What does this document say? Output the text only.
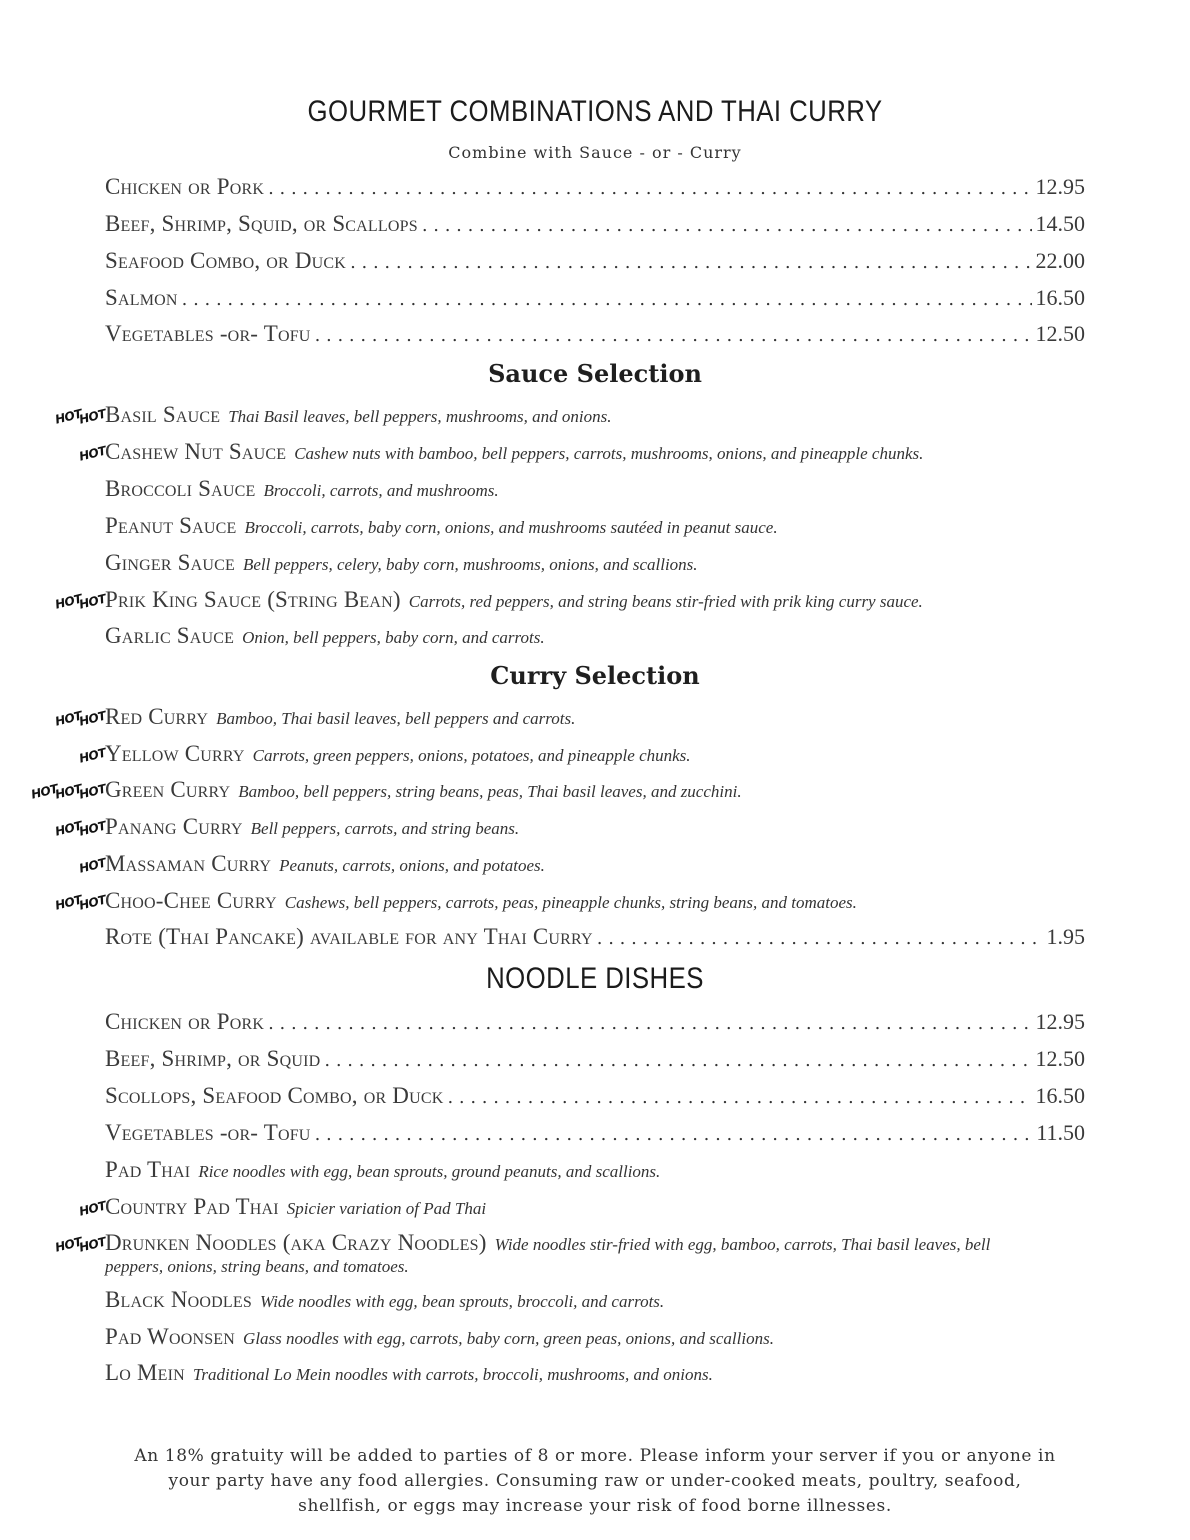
GOURMET COMBINATIONS AND THAI CURRY
Combine with Sauce - or - Curry
Chicken or Pork . . .	12.95
Beef, Shrimp, Squid, or Scallops . . .	14.50
Seafood Combo, or Duck . . .	22.00
Salmon . . .	16.50
Vegetables -or- Tofu . . .	12.50
Sauce Selection
HOT
HOT
Basil Sauce Thai Basil leaves, bell peppers, mushrooms, and onions.
HOT
Cashew Nut Sauce Cashew nuts with bamboo, bell peppers, carrots, mushrooms, onions, and pineapple chunks.
Broccoli Sauce Broccoli, carrots, and mushrooms.
Peanut Sauce Broccoli, carrots, baby corn, onions, and mushrooms sautéed in peanut sauce.
Ginger Sauce Bell peppers, celery, baby corn, mushrooms, onions, and scallions.
HOT
HOT
Prik King Sauce (String Bean) Carrots, red peppers, and string beans stir-fried with prik king curry sauce.
Garlic Sauce Onion, bell peppers, baby corn, and carrots.
Curry Selection
HOT
HOT
Red Curry Bamboo, Thai basil leaves, bell peppers and carrots.
HOT
Yellow Curry Carrots, green peppers, onions, potatoes, and pineapple chunks.
HOT
HOT
HOT
Green Curry Bamboo, bell peppers, string beans, peas, Thai basil leaves, and zucchini.
HOT
HOT
Panang Curry Bell peppers, carrots, and string beans.
HOT
Massaman Curry Peanuts, carrots, onions, and potatoes.
HOT
HOT
Choo-Chee Curry Cashews, bell peppers, carrots, peas, pineapple chunks, string beans, and tomatoes.
Rote (Thai Pancake) available for any Thai Curry . . .	1.95
NOODLE DISHES
Chicken or Pork . . .	12.95
Beef, Shrimp, or Squid . . .	12.50
Scollops, Seafood Combo, or Duck . . .	16.50
Vegetables -or- Tofu . . .	11.50
Pad Thai Rice noodles with egg, bean sprouts, ground peanuts, and scallions.
HOT
Country Pad Thai Spicier variation of Pad Thai
HOT
HOT
Drunken Noodles (aka Crazy Noodles) Wide noodles stir-fried with egg, bamboo, carrots, Thai basil leaves, bell peppers, onions, string beans, and tomatoes.
Black Noodles Wide noodles with egg, bean sprouts, broccoli, and carrots.
Pad Woonsen Glass noodles with egg, carrots, baby corn, green peas, onions, and scallions.
Lo Mein Traditional Lo Mein noodles with carrots, broccoli, mushrooms, and onions.
An 18% gratuity will be added to parties of 8 or more. Please inform your server if you or anyone in your party have any food allergies. Consuming raw or under-cooked meats, poultry, seafood, shellfish, or eggs may increase your risk of food borne illnesses.
